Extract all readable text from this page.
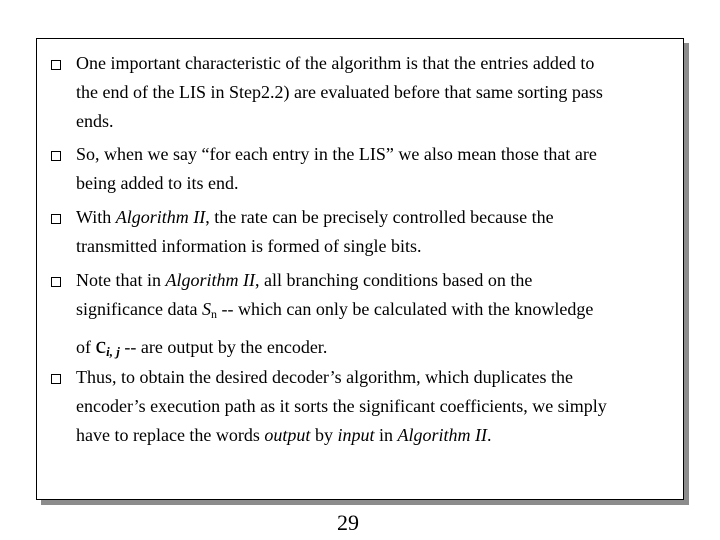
One important characteristic of the algorithm is that the entries added to
the end of the LIS in Step2.2) are evaluated before that same sorting pass
ends.
So, when we say “for each entry in the LIS” we also mean those that are
being added to its end.
With Algorithm II, the rate can be precisely controlled because the
transmitted information is formed of single bits.
Note that in Algorithm II, all branching conditions based on the
significance data $S_n$ -- which can only be calculated with the knowledge
of ci, j -- are output by the encoder.
Thus, to obtain the desired decoder’s algorithm, which duplicates the
encoder’s execution path as it sorts the significant coefficients, we simply
have to replace the words output by input in Algorithm II.
29
